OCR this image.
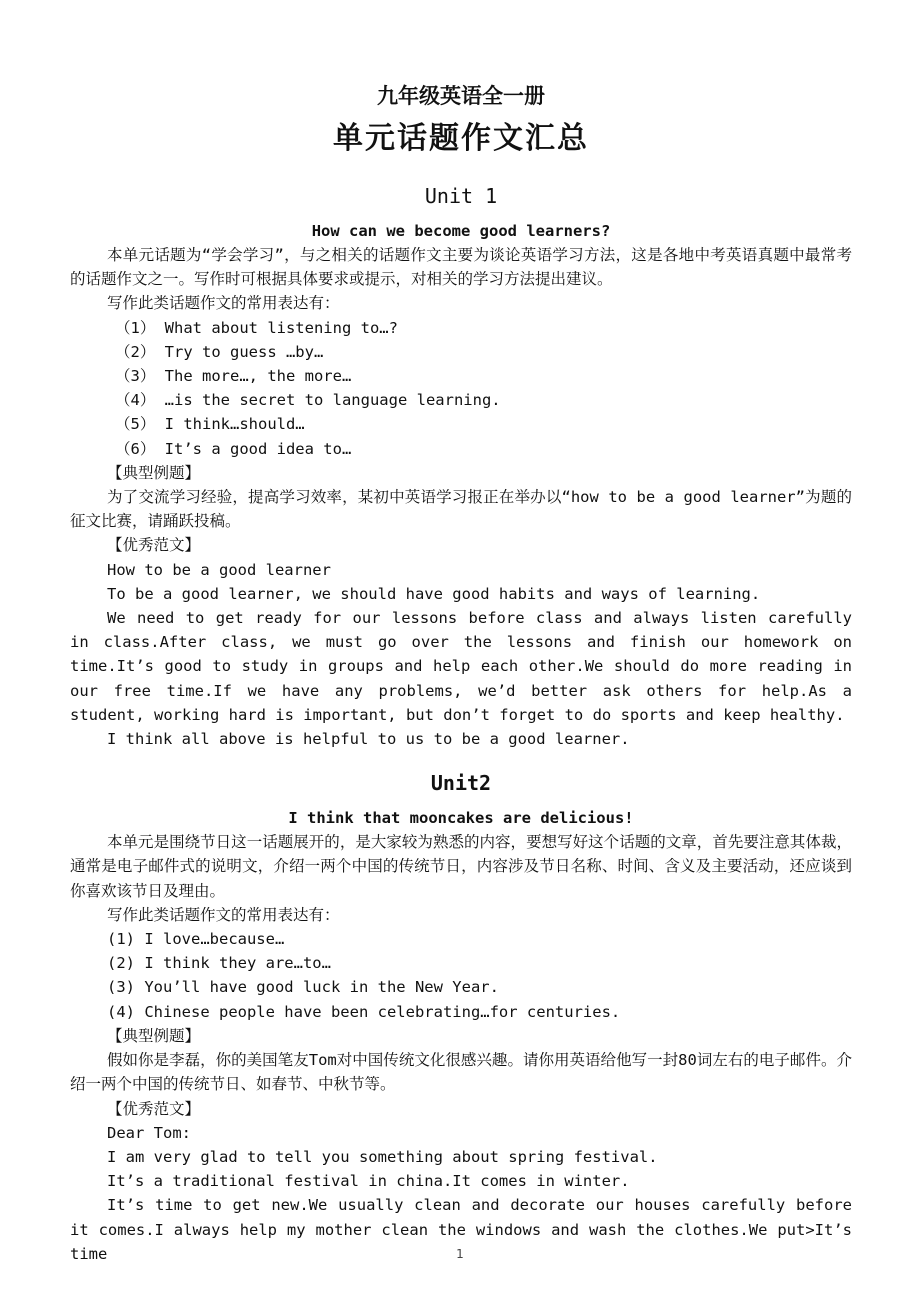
九年级英语全一册
单元话题作文汇总
Unit 1
How can we become good learners?

本单元话题为“学会学习”，与之相关的话题作文主要为谈论英语学习方法，这是各地中考英语真题中最常考的话题作文之一。写作时可根据具体要求或提示，对相关的学习方法提出建议。

写作此类话题作文的常用表达有：

（1） What about listening to…?

（2） Try to guess …by…

（3） The more…, the more…

（4） …is the secret to language learning.

（5） I think…should…

（6） It’s a good idea to…

【典型例题】

为了交流学习经验，提高学习效率，某初中英语学习报正在举办以“how to be a good learner”为题的征文比赛，请踊跃投稿。

【优秀范文】

How to be a good learner

To be a good learner, we should have good habits and ways of learning.

We need to get ready for our lessons before class and always listen carefully in class.After class, we must go over the lessons and finish our homework on time.It’s good to study in groups and help each other.We should do more reading in our free time.If we have any problems, we’d better ask others for help.As a student, working hard is important, but don’t forget to do sports and keep healthy.

I think all above is helpful to us to be a good learner.

Unit2
I think that mooncakes are delicious!

本单元是围绕节日这一话题展开的，是大家较为熟悉的内容，要想写好这个话题的文章，首先要注意其体裁，通常是电子邮件式的说明文，介绍一两个中国的传统节日，内容涉及节日名称、时间、含义及主要活动，还应谈到你喜欢该节日及理由。

写作此类话题作文的常用表达有：

(1) I love…because…

(2) I think they are…to…

(3) You’ll have good luck in the New Year.

(4) Chinese people have been celebrating…for centuries.

【典型例题】

假如你是李磊，你的美国笔友Tom对中国传统文化很感兴趣。请你用英语给他写一封80词左右的电子邮件。介绍一两个中国的传统节日、如春节、中秋节等。

【优秀范文】

Dear Tom:

I am very glad to tell you something about spring festival.

It’s a traditional festival in china.It comes in winter.

It’s time to get new.We usually clean and decorate our houses carefully before it comes.I always help my mother clean the windows and wash the clothes.We put>It’s time	1
